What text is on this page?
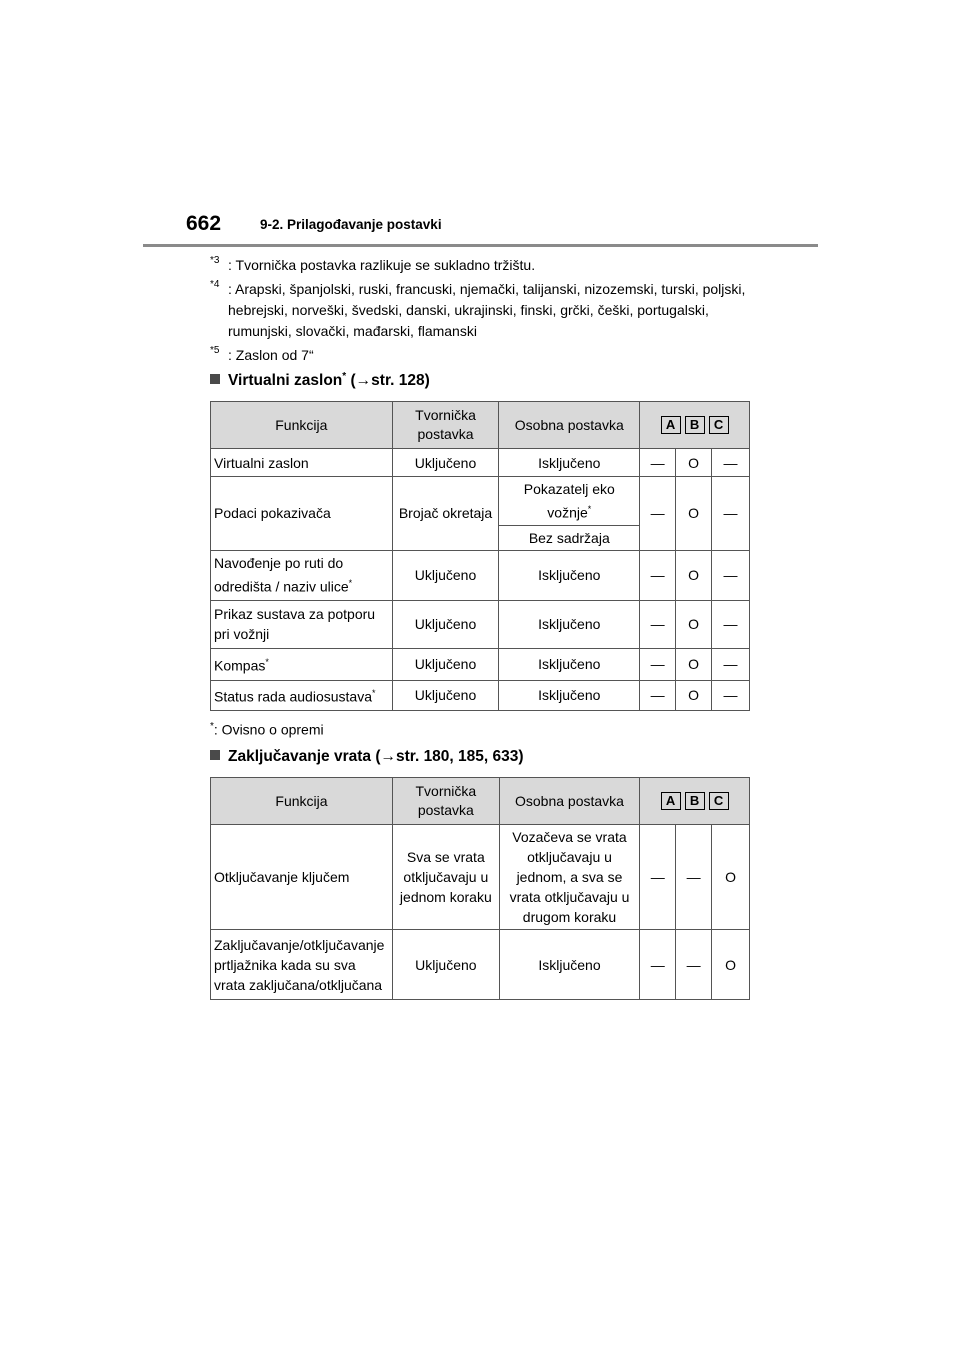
662	9-2. Prilagođavanje postavki
*3 : Tvornička postavka razlikuje se sukladno tržištu.
*4 : Arapski, španjolski, ruski, francuski, njemački, talijanski, nizozemski, turski, poljski, hebrejski, norveški, švedski, danski, ukrajinski, finski, grčki, češki, portugalski, rumunjski, slovački, mađarski, flamanski
*5 : Zaslon od 7“
Virtualni zaslon* (→str. 128)
Funkcija	Tvornička postavka	Osobna postavka	A B C		

Virtualni zaslon	Uključeno	Isključeno	—	O	—
Podaci pokazivača	Brojač okretaja	Pokazatelj eko vožnje*	—	O	—
		Bez sadržaja			
Navođenje po ruti do odredišta / naziv ulice*	Uključeno	Isključeno	—	O	—
Prikaz sustava za potporu pri vožnji	Uključeno	Isključeno	—	O	—
Kompas*	Uključeno	Isključeno	—	O	—
Status rada audiosustava*	Uključeno	Isključeno	—	O	—
*: Ovisno o opremi
Zaključavanje vrata (→str. 180, 185, 633)
Funkcija	Tvornička postavka	Osobna postavka	A B C		

Otključavanje ključem	Sva se vrata otključavaju u jednom koraku	Vozačeva se vrata otključavaju u jednom, a sva se vrata otključavaju u drugom koraku	—	—	O
Zaključavanje/otključavanje prtljažnika kada su sva vrata zaključana/otključana	Uključeno	Isključeno	—	—	O
